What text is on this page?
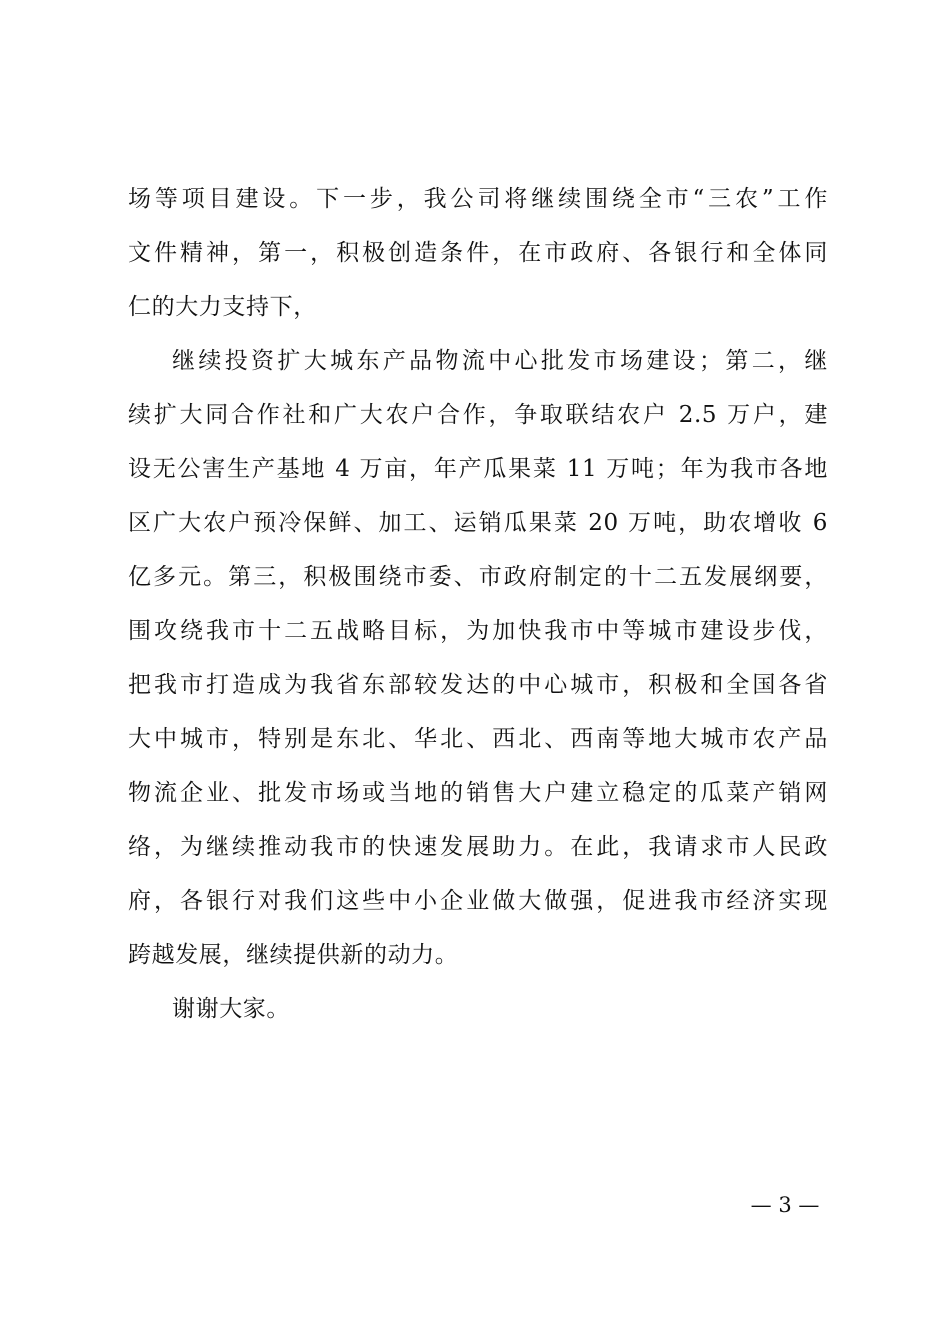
场等项目建设。下一步，我公司将继续围绕全市“三农”工作
文件精神，第一，积极创造条件，在市政府、各银行和全体同
仁的大力支持下，
继续投资扩大城东产品物流中心批发市场建设；第二，继
续扩大同合作社和广大农户合作，争取联结农户 2.5 万户，建
设无公害生产基地 4 万亩，年产瓜果菜 11 万吨；年为我市各地
区广大农户预冷保鲜、加工、运销瓜果菜 20 万吨，助农增收 6
亿多元。第三，积极围绕市委、市政府制定的十二五发展纲要，
围攻绕我市十二五战略目标，为加快我市中等城市建设步伐，
把我市打造成为我省东部较发达的中心城市，积极和全国各省
大中城市，特别是东北、华北、西北、西南等地大城市农产品
物流企业、批发市场或当地的销售大户建立稳定的瓜菜产销网
络，为继续推动我市的快速发展助力。在此，我请求市人民政
府，各银行对我们这些中小企业做大做强，促进我市经济实现
跨越发展，继续提供新的动力。
谢谢大家。
— 3 —
